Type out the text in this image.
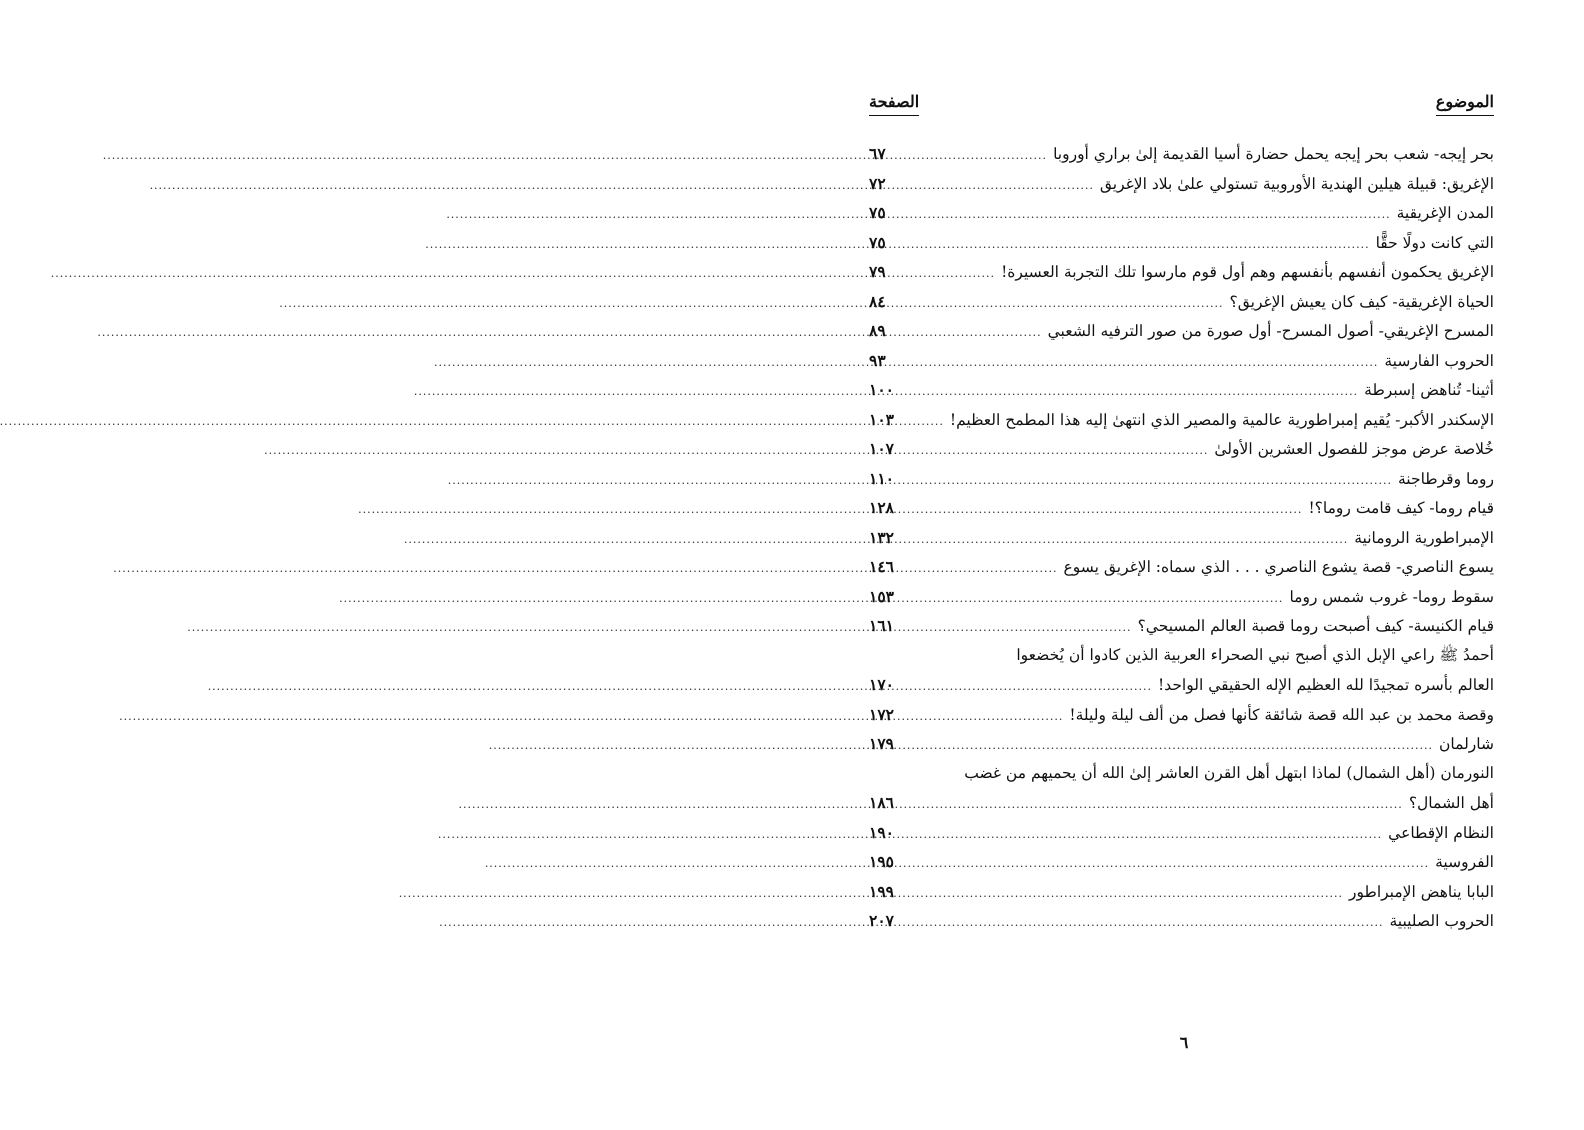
الموضوع
الصفحة
بحر إيجه- شعب بحر إيجه يحمل حضارة أسيا القديمة إلىٰ براري أوروبا
.....
٦٧
الإغريق: قبيلة هيلين الهندية الأوروبية تستولي علىٰ بلاد الإغريق
.....
٧٢
المدن الإغريقية
.....
٧٥
التي كانت دولًا حقًّا
.....
٧٥
الإغريق يحكمون أنفسهم بأنفسهم وهم أول قوم مارسوا تلك التجربة العسيرة!
.....
٧٩
الحياة الإغريقية- كيف كان يعيش الإغريق؟
.....
٨٤
المسرح الإغريقي- أصول المسرح- أول صورة من صور الترفيه الشعبي
.....
٨٩
الحروب الفارسية
.....
٩٣
أثينا- تُناهض إسبرطة
.....
١٠٠
الإسكندر الأكبر- يُقيم إمبراطورية عالمية والمصير الذي انتهىٰ إليه هذا المطمح العظيم!
.....
١٠٣
خُلاصة عرض موجز للفصول العشرين الأولىٰ
.....
١٠٧
روما وقرطاجنة
.....
١١٠
قيام روما- كيف قامت روما؟!
.....
١٢٨
الإمبراطورية الرومانية
.....
١٣٢
يسوع الناصري- قصة يشوع الناصري . . . الذي سماه: الإغريق يسوع
.....
١٤٦
سقوط روما- غروب شمس روما
.....
١٥٣
قيام الكنيسة- كيف أصبحت روما قصبة العالم المسيحي؟
.....
١٦١
أحمدُ ﷺ راعي الإبل الذي أصبح نبي الصحراء العربية الذين كادوا أن يُخضعوا
العالم بأسره تمجيدًا لله العظيم الإله الحقيقي الواحد!
.....
١٧٠
وقصة محمد بن عبد الله قصة شائقة كأنها فصل من ألف ليلة وليلة!
.....
١٧٢
شارلمان
.....
١٧٩
النورمان (أهل الشمال) لماذا ابتهل أهل القرن العاشر إلىٰ الله أن يحميهم من غضب
أهل الشمال؟
.....
١٨٦
النظام الإقطاعي
.....
١٩٠
الفروسية
.....
١٩٥
البابا يناهض الإمبراطور
.....
١٩٩
الحروب الصليبية
.....
٢٠٧
٦
